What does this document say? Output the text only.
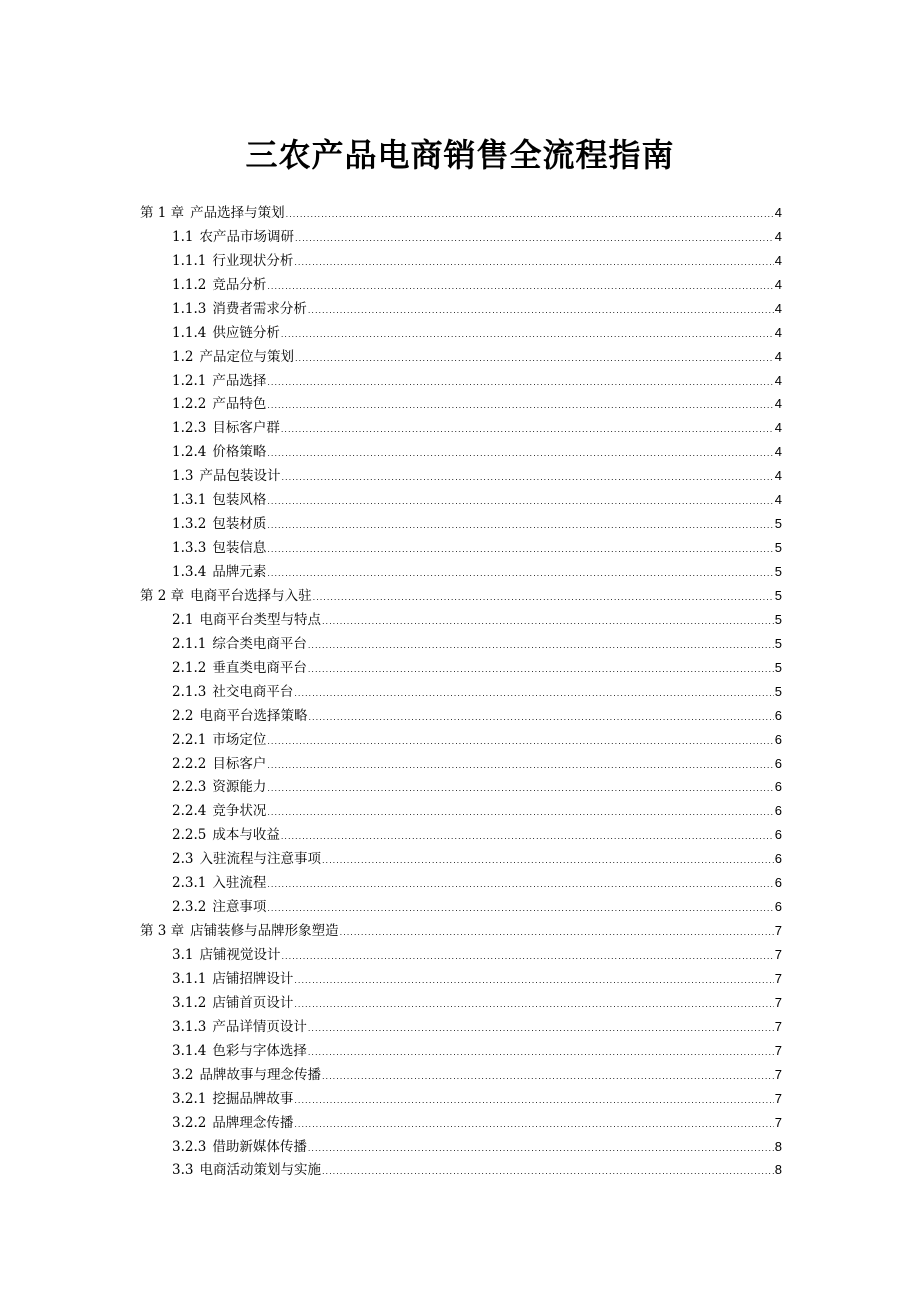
三农产品电商销售全流程指南
第 1 章 产品选择与策划 .....	4
1.1 农产品市场调研 .....	4
1.1.1 行业现状分析 .....	4
1.1.2 竞品分析 .....	4
1.1.3 消费者需求分析 .....	4
1.1.4 供应链分析 .....	4
1.2 产品定位与策划 .....	4
1.2.1 产品选择 .....	4
1.2.2 产品特色 .....	4
1.2.3 目标客户群 .....	4
1.2.4 价格策略 .....	4
1.3 产品包装设计 .....	4
1.3.1 包装风格 .....	4
1.3.2 包装材质 .....	5
1.3.3 包装信息 .....	5
1.3.4 品牌元素 .....	5
第 2 章 电商平台选择与入驻 .....	5
2.1 电商平台类型与特点 .....	5
2.1.1 综合类电商平台 .....	5
2.1.2 垂直类电商平台 .....	5
2.1.3 社交电商平台 .....	5
2.2 电商平台选择策略 .....	6
2.2.1 市场定位 .....	6
2.2.2 目标客户 .....	6
2.2.3 资源能力 .....	6
2.2.4 竞争状况 .....	6
2.2.5 成本与收益 .....	6
2.3 入驻流程与注意事项 .....	6
2.3.1 入驻流程 .....	6
2.3.2 注意事项 .....	6
第 3 章 店铺装修与品牌形象塑造 .....	7
3.1 店铺视觉设计 .....	7
3.1.1 店铺招牌设计 .....	7
3.1.2 店铺首页设计 .....	7
3.1.3 产品详情页设计 .....	7
3.1.4 色彩与字体选择 .....	7
3.2 品牌故事与理念传播 .....	7
3.2.1 挖掘品牌故事 .....	7
3.2.2 品牌理念传播 .....	7
3.2.3 借助新媒体传播 .....	8
3.3 电商活动策划与实施 .....	8
